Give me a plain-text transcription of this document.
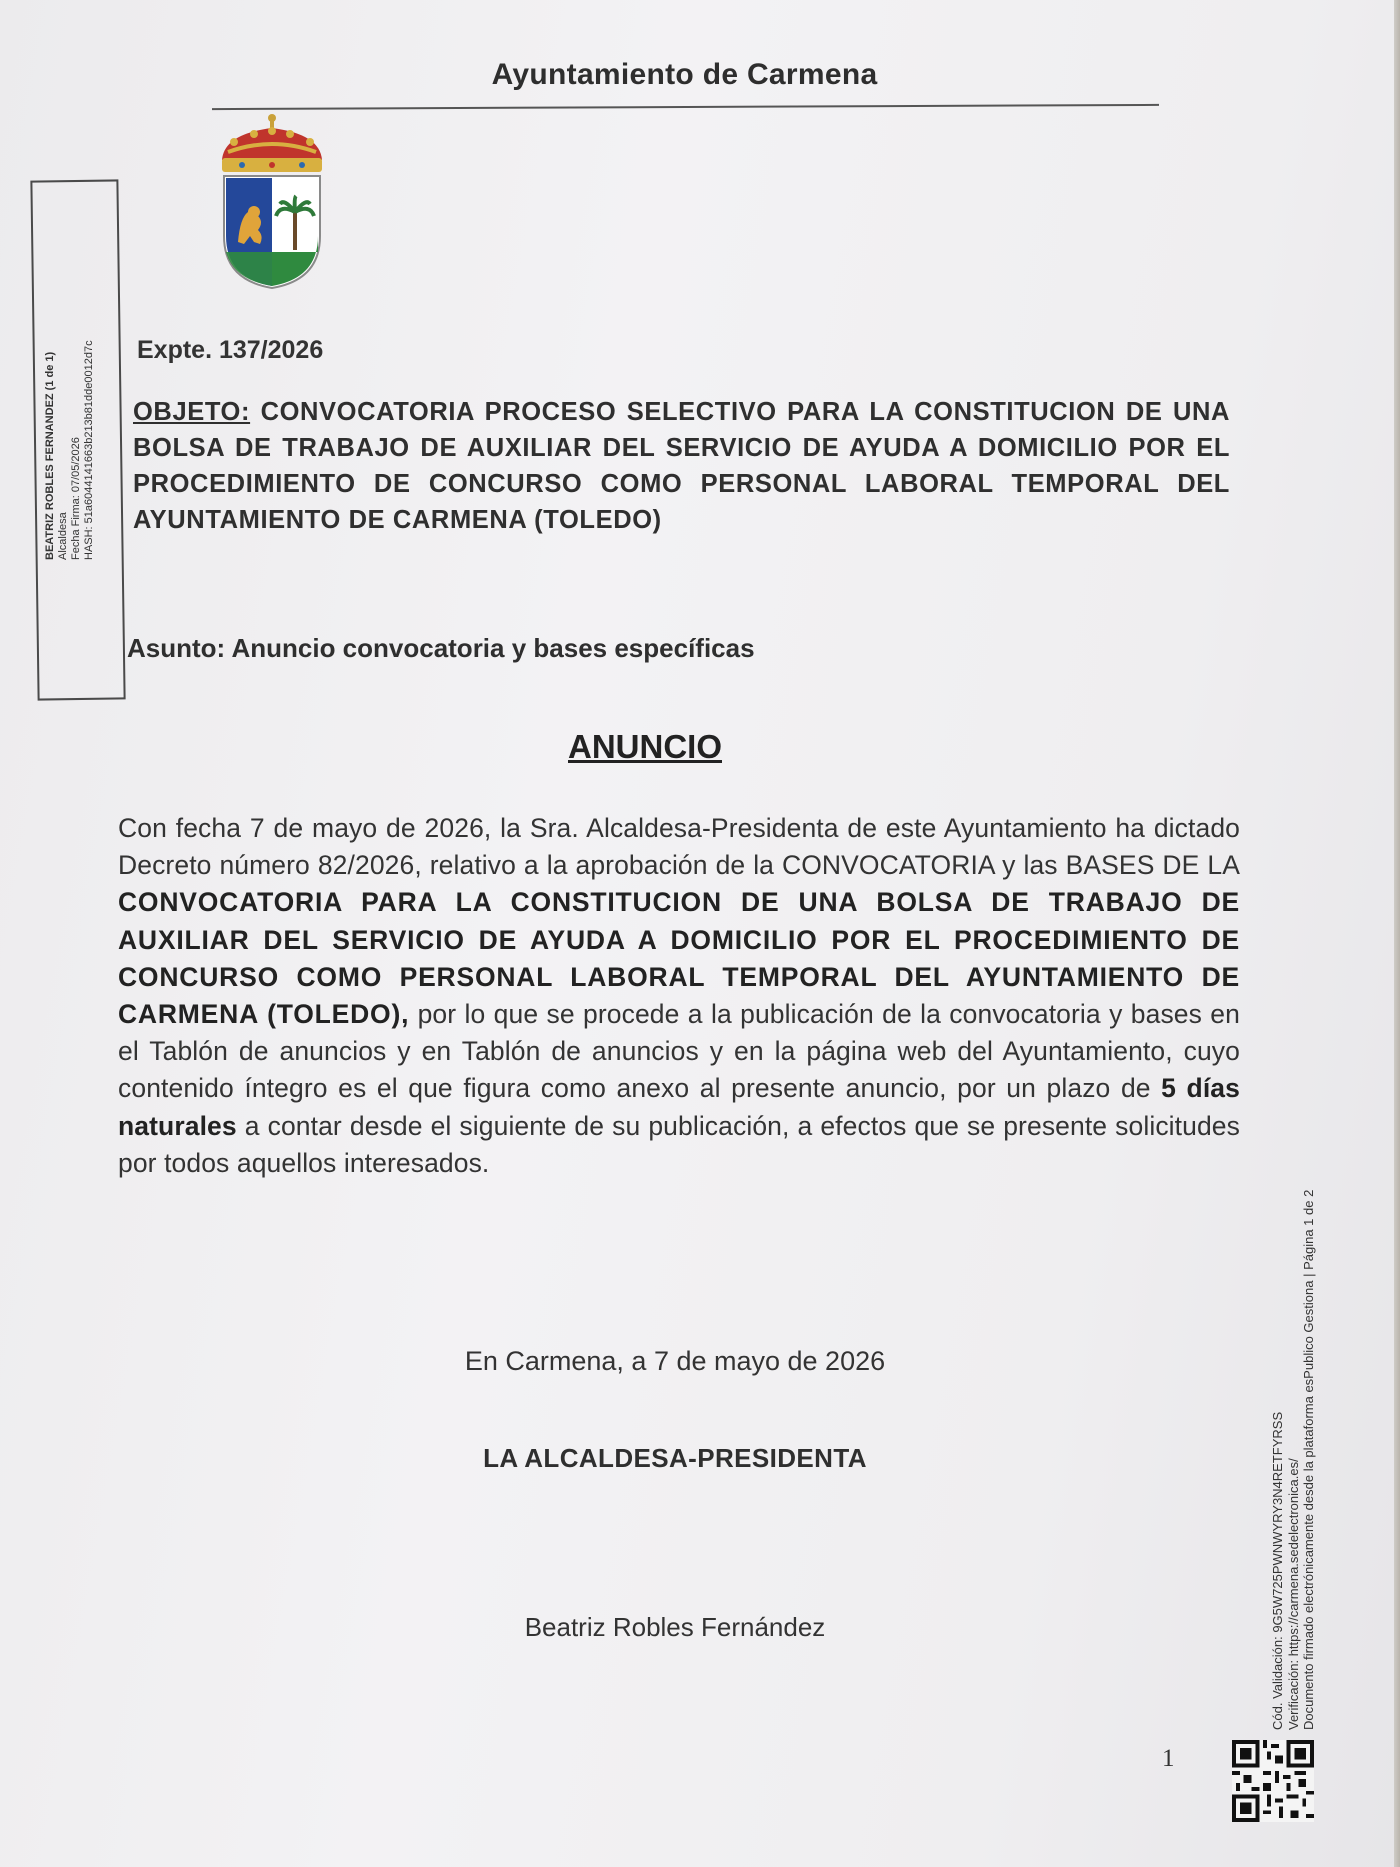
Ayuntamiento de Carmena
BEATRIZ ROBLES FERNANDEZ (1 de 1) Alcaldesa Fecha Firma: 07/05/2026 HASH: 51a6044141663b213b81dde0012d7c Expte. 137/2026
OBJETO: CONVOCATORIA PROCESO SELECTIVO PARA LA CONSTITUCION DE UNA BOLSA DE TRABAJO DE AUXILIAR DEL SERVICIO DE AYUDA A DOMICILIO POR EL PROCEDIMIENTO DE CONCURSO COMO PERSONAL LABORAL TEMPORAL DEL AYUNTAMIENTO DE CARMENA (TOLEDO)
Asunto: Anuncio convocatoria y bases específicas
ANUNCIO
Con fecha 7 de mayo de 2026, la Sra. Alcaldesa-Presidenta de este Ayuntamiento ha dictado Decreto número 82/2026, relativo a la aprobación de la CONVOCATORIA y las BASES DE LA CONVOCATORIA PARA LA CONSTITUCION DE UNA BOLSA DE TRABAJO DE AUXILIAR DEL SERVICIO DE AYUDA A DOMICILIO POR EL PROCEDIMIENTO DE CONCURSO COMO PERSONAL LABORAL TEMPORAL DEL AYUNTAMIENTO DE CARMENA (TOLEDO), por lo que se procede a la publicación de la convocatoria y bases en el Tablón de anuncios y en Tablón de anuncios y en la página web del Ayuntamiento, cuyo contenido íntegro es el que figura como anexo al presente anuncio, por un plazo de 5 días naturales a contar desde el siguiente de su publicación, a efectos que se presente solicitudes por todos aquellos interesados.
En Carmena, a 7 de mayo de 2026
LA ALCALDESA-PRESIDENTA
Beatriz Robles Fernández
1
Cód. Validación: 9G5W725PWNWYRY3N4RETFYRSS Verificación: https://carmena.sedelectronica.es/ Documento firmado electrónicamente desde la plataforma esPublico Gestiona | Página 1 de 2
